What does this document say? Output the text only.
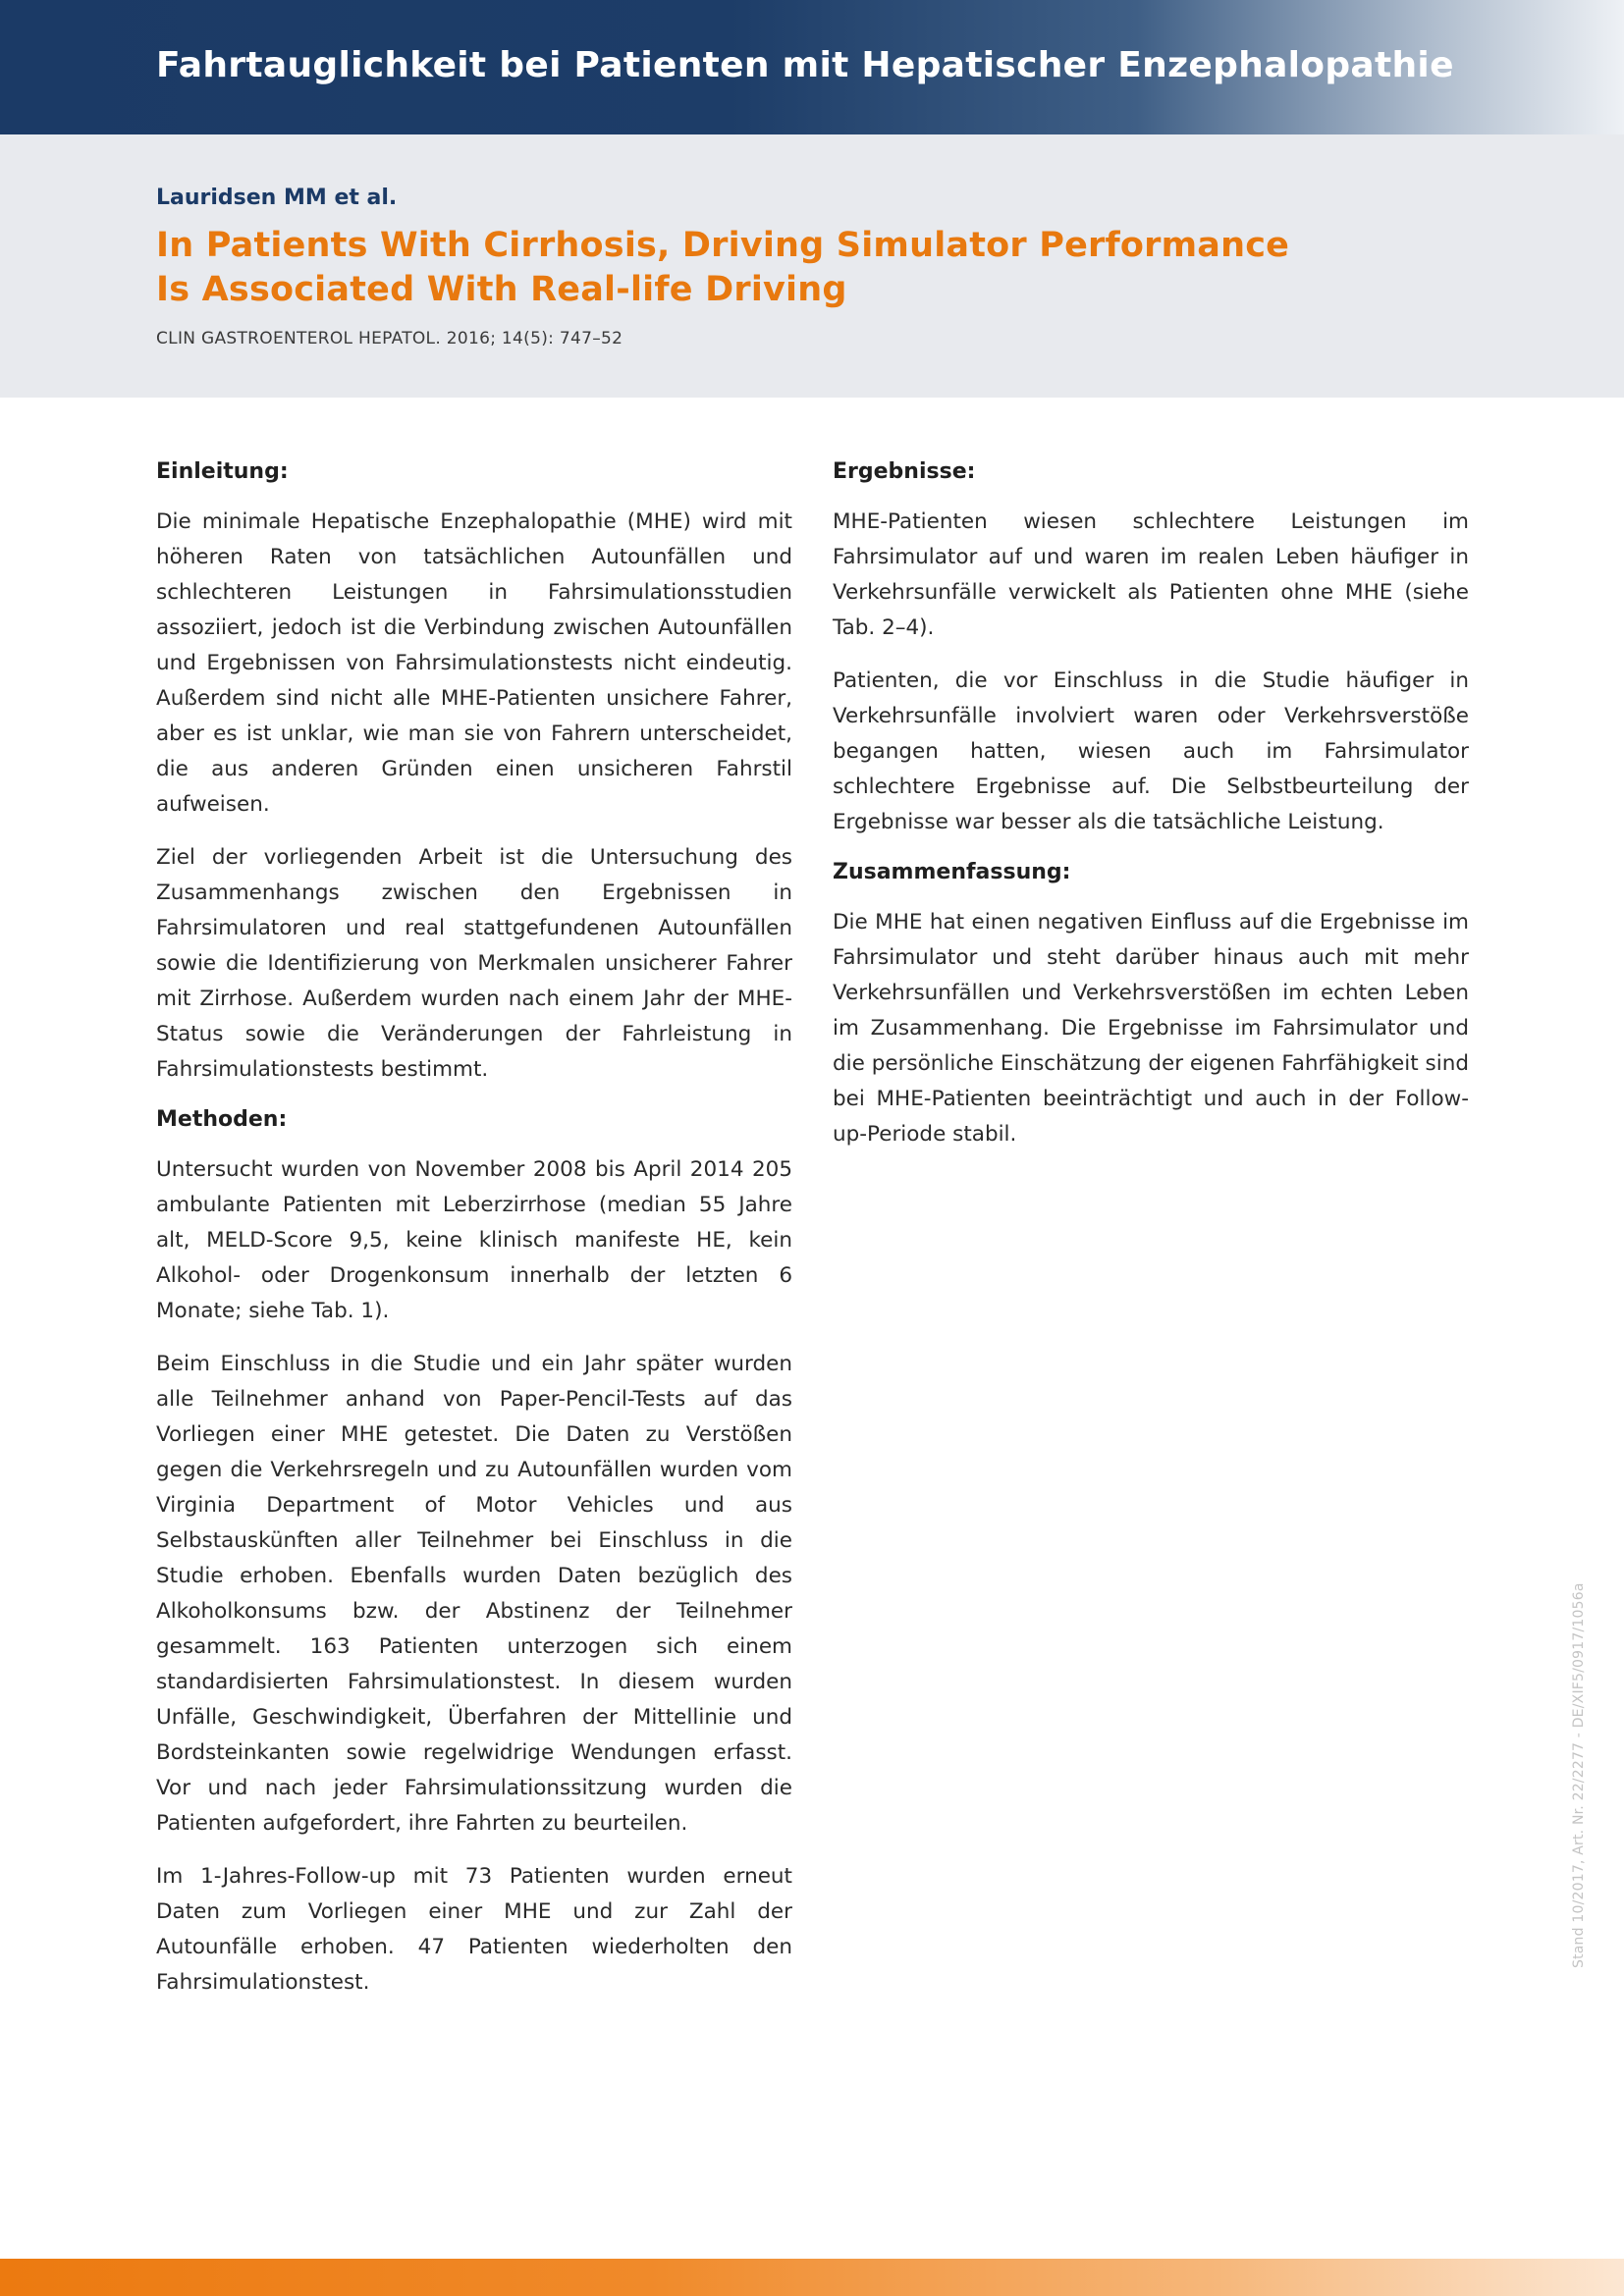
Fahrtauglichkeit bei Patienten mit Hepatischer Enzephalopathie
Lauridsen MM et al.
In Patients With Cirrhosis, Driving Simulator Performance
Is Associated With Real-life Driving
CLIN GASTROENTEROL HEPATOL. 2016; 14(5): 747–52
Einleitung:

Die minimale Hepatische Enzephalopathie (MHE) wird mit höheren Raten von tatsächlichen Autounfällen und schlechteren Leistungen in Fahrsimulationsstudien assoziiert, jedoch ist die Verbindung zwischen Autounfällen und Ergebnissen von Fahrsimulationstests nicht eindeutig. Außerdem sind nicht alle MHE-Patienten unsichere Fahrer, aber es ist unklar, wie man sie von Fahrern unterscheidet, die aus anderen Gründen einen unsicheren Fahrstil aufweisen.

Ziel der vorliegenden Arbeit ist die Untersuchung des Zusammenhangs zwischen den Ergebnissen in Fahrsimulatoren und real stattgefundenen Autounfällen sowie die Identifizierung von Merkmalen unsicherer Fahrer mit Zirrhose. Außerdem wurden nach einem Jahr der MHE-Status sowie die Veränderungen der Fahrleistung in Fahrsimulationstests bestimmt.

Methoden:

Untersucht wurden von November 2008 bis April 2014 205 ambulante Patienten mit Leberzirrhose (median 55 Jahre alt, MELD-Score 9,5, keine klinisch manifeste HE, kein Alkohol- oder Drogenkonsum innerhalb der letzten 6 Monate; siehe Tab. 1).

Beim Einschluss in die Studie und ein Jahr später wurden alle Teilnehmer anhand von Paper-Pencil-Tests auf das Vorliegen einer MHE getestet. Die Daten zu Verstößen gegen die Verkehrsregeln und zu Autounfällen wurden vom Virginia Department of Motor Vehicles und aus Selbstauskünften aller Teilnehmer bei Einschluss in die Studie erhoben. Ebenfalls wurden Daten bezüglich des Alkoholkonsums bzw. der Abstinenz der Teilnehmer gesammelt. 163 Patienten unterzogen sich einem standardisierten Fahrsimulationstest. In diesem wurden Unfälle, Geschwindigkeit, Überfahren der Mittellinie und Bordsteinkanten sowie regelwidrige Wendungen erfasst. Vor und nach jeder Fahrsimulationssitzung wurden die Patienten aufgefordert, ihre Fahrten zu beurteilen.

Im 1-Jahres-Follow-up mit 73 Patienten wurden erneut Daten zum Vorliegen einer MHE und zur Zahl der Autounfälle erhoben. 47 Patienten wiederholten den Fahrsimulationstest.

Ergebnisse:

MHE-Patienten wiesen schlechtere Leistungen im Fahrsimulator auf und waren im realen Leben häufiger in Verkehrsunfälle verwickelt als Patienten ohne MHE (siehe Tab. 2–4).

Patienten, die vor Einschluss in die Studie häufiger in Verkehrsunfälle involviert waren oder Verkehrsverstöße begangen hatten, wiesen auch im Fahrsimulator schlechtere Ergebnisse auf. Die Selbstbeurteilung der Ergebnisse war besser als die tatsächliche Leistung.

Zusammenfassung:

Die MHE hat einen negativen Einfluss auf die Ergebnisse im Fahrsimulator und steht darüber hinaus auch mit mehr Verkehrsunfällen und Verkehrsverstößen im echten Leben im Zusammenhang. Die Ergebnisse im Fahrsimulator und die persönliche Einschätzung der eigenen Fahrfähigkeit sind bei MHE-Patienten beeinträchtigt und auch in der Follow-up-Periode stabil.

Stand 10/2017, Art. Nr. 22/2277 - DE/XIF5/0917/1056a
